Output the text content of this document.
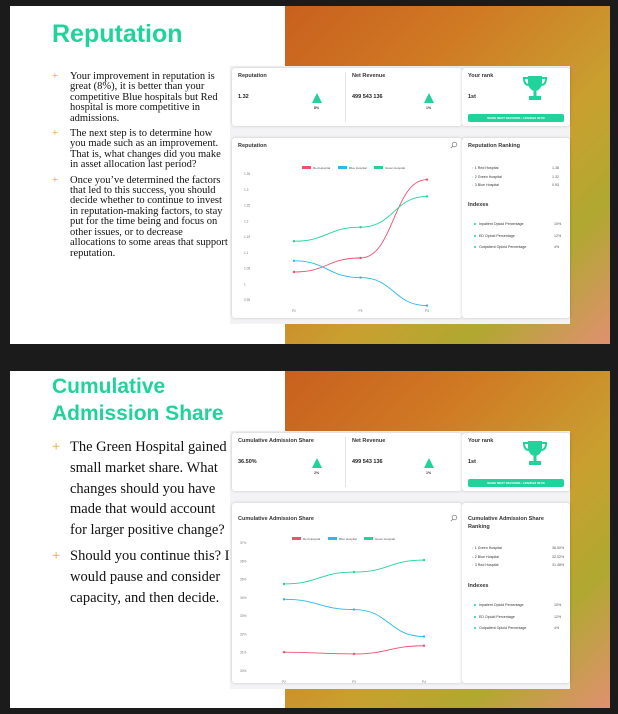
Reputation
+ Your improvement in reputation is great (8%), it is better than your competitive Blue hospitals but Red hospital is more competitive in admissions.
+ The next step is to determine how you made such as an improvement. That is, what changes did you make in asset allocation last period?
+ Once you’ve determined the factors that led to this success, you should decide whether to continue to invest in reputation-making factors, to stay put for the time being and focus on other issues, or to decrease allocations to some areas that support reputation.
Reputation
1.32
8%
Net Revenue
499 543 136
1%
Your rank
1st
MAKE NEXT DECISION • 11/5/2024 00:00
Reputation
Red Hospital	Blue Hospital	Green Hospital
1.35
1.3
1.25
1.2
1.15
1.1
1.05
1
0.95
P2	P3	P4
Reputation Ranking
↑ 1 Red Hospital	1.38
↑ 2 Green Hospital	1.32
↓ 3 Blue Hospital	0.93
Indexes
Inpatient Opioid Percentage	10%
ED Opioid Percentage	12%
Outpatient Opioid Percentage	4%
Cumulative
Admission Share
+ The Green Hospital gained small market share. What changes should you have made that would account for larger positive change?
+ Should you continue this? I would pause and consider capacity, and then decide.
Cumulative Admission Share
36.50%
2%
Net Revenue
499 543 136
1%
Your rank
1st
MAKE NEXT DECISION • 11/6/2024 00:00
Cumulative Admission Share
Red Hospital	Blue Hospital	Green Hospital
37%
36%
35%
34%
33%
32%
31%
30%
P2	P3	P4
Cumulative Admission Share
Ranking
↑ 1 Green Hospital	36.50%
↓ 2 Blue Hospital	32.02%
↑ 3 Red Hospital	31.48%
Indexes
Inpatient Opioid Percentage	10%
ED Opioid Percentage	12%
Outpatient Opioid Percentage	4%
